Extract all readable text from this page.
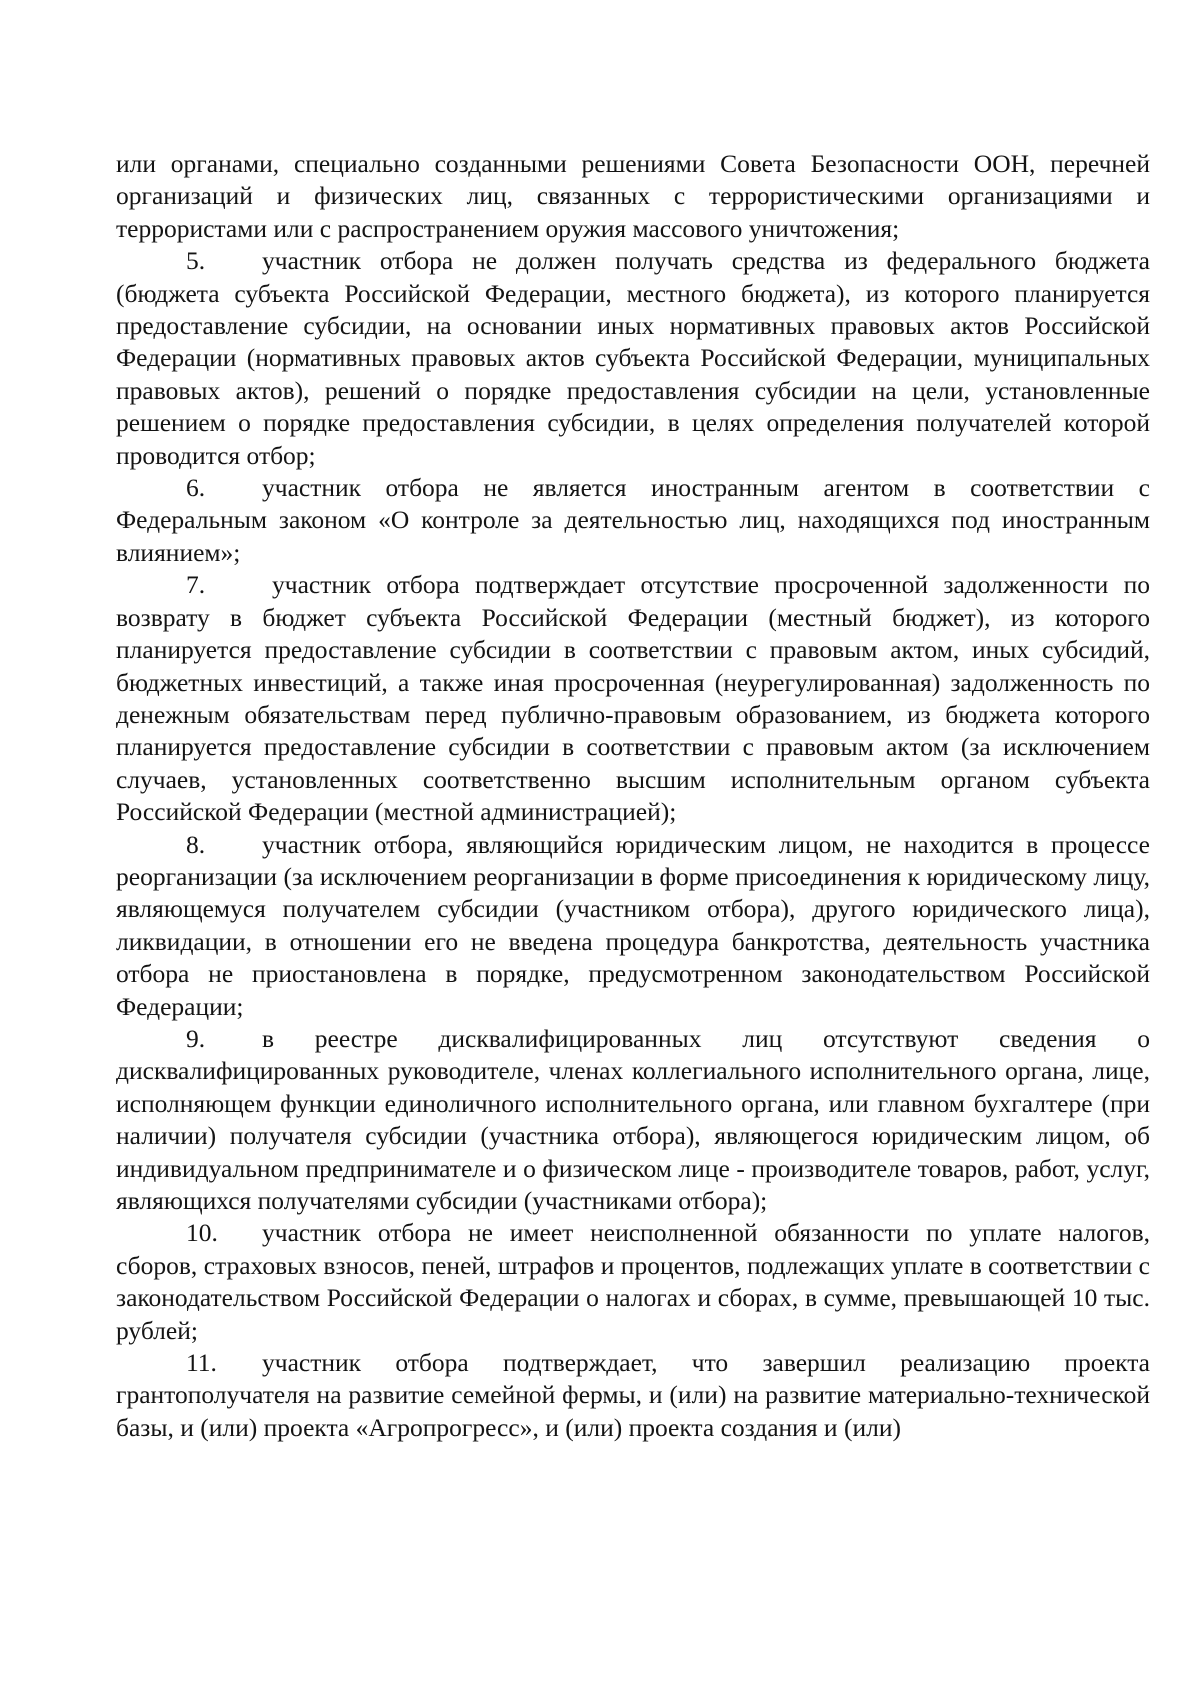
или органами, специально созданными решениями Совета Безопасности ООН, перечней организаций и физических лиц, связанных с террористическими организациями и террористами или с распространением оружия массового уничтожения;

5. участник отбора не должен получать средства из федерального бюджета (бюджета субъекта Российской Федерации, местного бюджета), из которого планируется предоставление субсидии, на основании иных нормативных правовых актов Российской Федерации (нормативных правовых актов субъекта Российской Федерации, муниципальных правовых актов), решений о порядке предоставления субсидии на цели, установленные решением о порядке предоставления субсидии, в целях определения получателей которой проводится отбор;

6. участник отбора не является иностранным агентом в соответствии с Федеральным законом «О контроле за деятельностью лиц, находящихся под иностранным влиянием»;

7.	участник отбора подтверждает отсутствие просроченной задолженности по возврату в бюджет субъекта Российской Федерации (местный бюджет), из которого планируется предоставление субсидии в соответствии с правовым актом, иных субсидий, бюджетных инвестиций, а также иная просроченная (неурегулированная) задолженность по денежным обязательствам перед публично-правовым образованием, из бюджета которого планируется предоставление субсидии в соответствии с правовым актом (за исключением случаев, установленных соответственно высшим исполнительным органом субъекта Российской Федерации (местной администрацией);

8. участник отбора, являющийся юридическим лицом, не находится в процессе реорганизации (за исключением реорганизации в форме присоединения к юридическому лицу, являющемуся получателем субсидии (участником отбора), другого юридического лица), ликвидации, в отношении его не введена процедура банкротства, деятельность участника отбора не приостановлена в порядке, предусмотренном законодательством Российской Федерации;

9. в реестре дисквалифицированных лиц отсутствуют сведения о дисквалифицированных руководителе, членах коллегиального исполнительного органа, лице, исполняющем функции единоличного исполнительного органа, или главном бухгалтере (при наличии) получателя субсидии (участника отбора), являющегося юридическим лицом, об индивидуальном предпринимателе и о физическом лице - производителе товаров, работ, услуг, являющихся получателями субсидии (участниками отбора);

10. участник отбора не имеет неисполненной обязанности по уплате налогов, сборов, страховых взносов, пеней, штрафов и процентов, подлежащих уплате в соответствии с законодательством Российской Федерации о налогах и сборах, в сумме, превышающей 10 тыс. рублей;

11. участник отбора подтверждает, что завершил реализацию проекта грантополучателя на развитие семейной фермы, и (или) на развитие материально-технической базы, и (или) проекта «Агропрогресс», и (или) проекта создания и (или)
